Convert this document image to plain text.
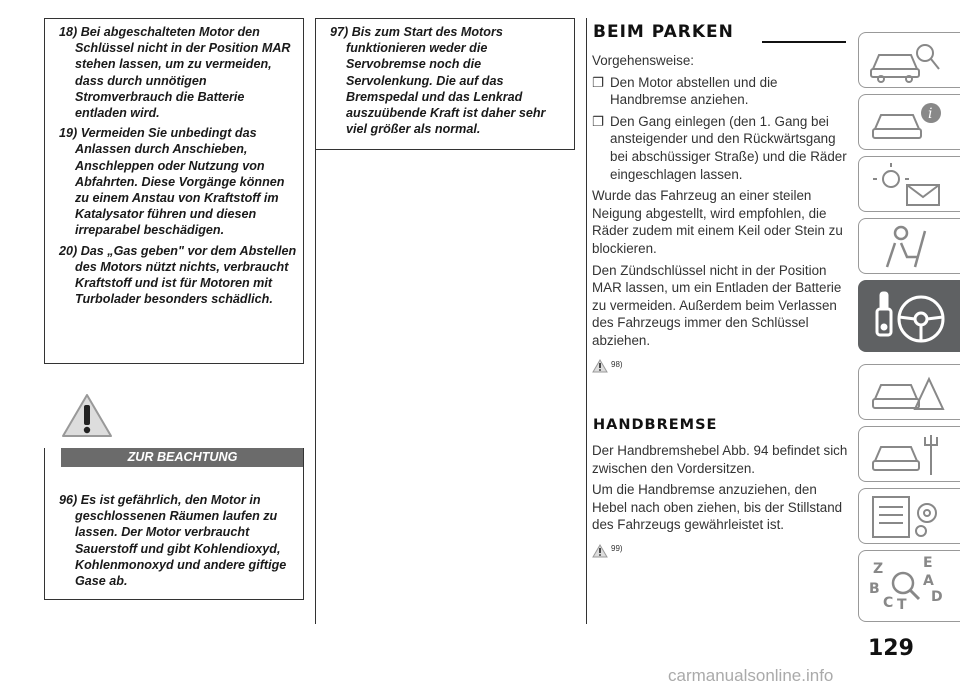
18) Bei abgeschalteten Motor den Schlüssel nicht in der Position MAR stehen lassen, um zu vermeiden, dass durch unnötigen Stromverbrauch die Batterie entladen wird.

19) Vermeiden Sie unbedingt das Anlassen durch Anschieben, Anschleppen oder Nutzung von Abfahrten. Diese Vorgänge können zu einem Anstau von Kraftstoff im Katalysator führen und diesen irreparabel beschädigen.

20) Das „Gas geben" vor dem Abstellen des Motors nützt nichts, verbraucht Kraftstoff und ist für Motoren mit Turbolader besonders schädlich.

ZUR BEACHTUNG

96) Es ist gefährlich, den Motor in geschlossenen Räumen laufen zu lassen. Der Motor verbraucht Sauerstoff und gibt Kohlendioxyd, Kohlenmonoxyd und andere giftige Gase ab.

97) Bis zum Start des Motors funktionieren weder die Servobremse noch die Servolenkung. Die auf das Bremspedal und das Lenkrad auszuübende Kraft ist daher sehr viel größer als normal.

BEIM PARKEN

Vorgehensweise:

❐ Den Motor abstellen und die Handbremse anziehen.

❐ Den Gang einlegen (den 1. Gang bei ansteigender und den Rückwärtsgang bei abschüssiger Straße) und die Räder eingeschlagen lassen.

Wurde das Fahrzeug an einer steilen Neigung abgestellt, wird empfohlen, die Räder zudem mit einem Keil oder Stein zu blockieren.

Den Zündschlüssel nicht in der Position MAR lassen, um ein Entladen der Batterie zu vermeiden. Außerdem beim Verlassen des Fahrzeugs immer den Schlüssel abziehen.

98)
HANDBREMSE

Der Handbremshebel Abb. 94 befindet sich zwischen den Vordersitzen.

Um die Handbremse anzuziehen, den Hebel nach oben ziehen, bis der Stillstand des Fahrzeugs gewährleistet ist.

99)
i
Z	E
A
B
C T D
129
carmanualsonline.info
